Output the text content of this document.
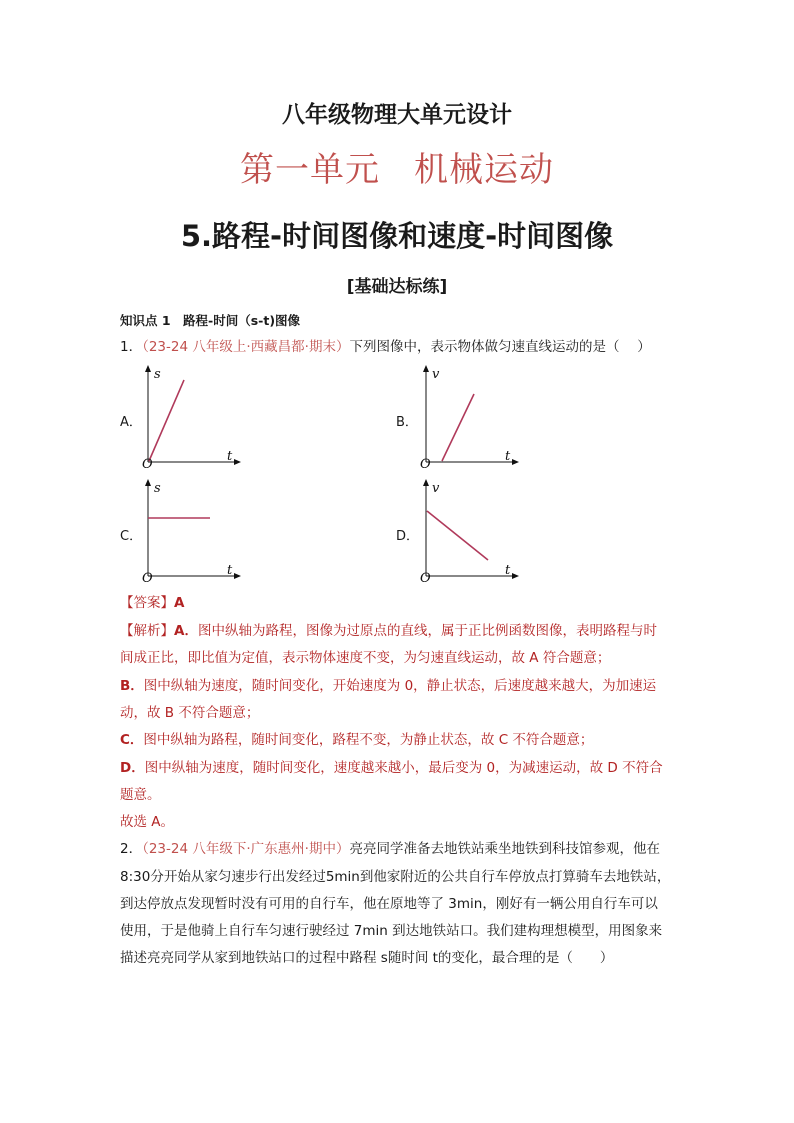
八年级物理大单元设计
第一单元 机械运动
5.路程-时间图像和速度-时间图像
[基础达标练]
知识点 1　路程-时间（s-t)图像
1．（23-24 八年级上·西藏昌都·期末）下列图像中，表示物体做匀速直线运动的是（　 ）
A．
s
t
O
B．
v
t
O
C．
s
t
O
D．
v
t
O
【答案】A
【解析】A．图中纵轴为路程，图像为过原点的直线，属于正比例函数图像，表明路程与时
间成正比，即比值为定值，表示物体速度不变，为匀速直线运动，故 A 符合题意；
B．图中纵轴为速度，随时间变化，开始速度为 0，静止状态，后速度越来越大，为加速运
动，故 B 不符合题意；
C．图中纵轴为路程，随时间变化，路程不变，为静止状态，故 C 不符合题意；
D．图中纵轴为速度，随时间变化，速度越来越小，最后变为 0，为减速运动，故 D 不符合
题意。
故选 A。
2．（23-24 八年级下·广东惠州·期中）亮亮同学准备去地铁站乘坐地铁到科技馆参观，他在
8:30分开始从家匀速步行出发经过5min到他家附近的公共自行车停放点打算骑车去地铁站，
到达停放点发现暂时没有可用的自行车，他在原地等了 3min，刚好有一辆公用自行车可以
使用，于是他骑上自行车匀速行驶经过 7min 到达地铁站口。我们建构理想模型，用图象来
描述亮亮同学从家到地铁站口的过程中路程 s随时间 t的变化，最合理的是（　　）
